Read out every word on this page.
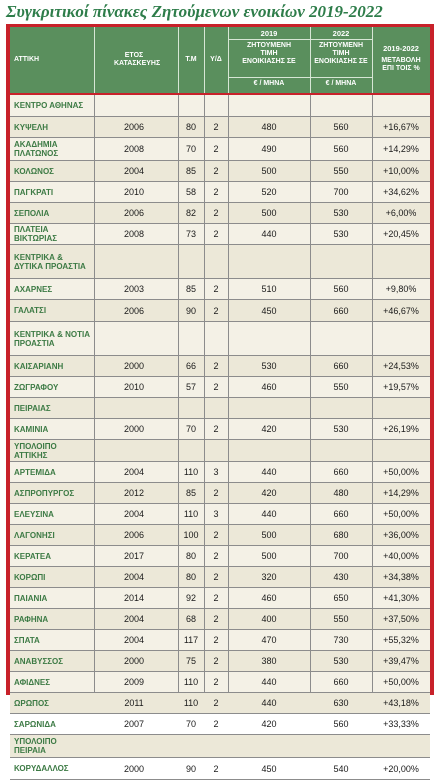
Συγκριτικοί πίνακες Ζητούμενων ενοικίων 2019-2022
ΑΤΤΙΚΗ
ΕΤΟΣ ΚΑΤΑΣΚΕΥΗΣ
Τ.Μ	Υ/Δ
2019
ΖΗΤΟΥΜΕΝΗ ΤΙΜΗ ΕΝΟΙΚΙΑΣΗΣ ΣΕ
€ / ΜΗΝΑ
2022
ΖΗΤΟΥΜΕΝΗ ΤΙΜΗ ΕΝΟΙΚΙΑΣΗΣ ΣΕ
€ / ΜΗΝΑ
2019-2022
ΜΕΤΑΒΟΛΗ ΕΠΙ ΤΟΙΣ %
ΚΕΝΤΡΟ ΑΘΗΝΑΣ
ΚΥΨΕΛΗ	2006	80	2	480	560	+16,67%
ΑΚΑΔΗΜΙΑ ΠΛΑΤΩΝΟΣ	2008	70	2	490	560	+14,29%
ΚΟΛΩΝΟΣ	2004	85	2	500	550	+10,00%
ΠΑΓΚΡΑΤΙ	2010	58	2	520	700	+34,62%
ΣΕΠΟΛΙΑ	2006	82	2	500	530	+6,00%
ΠΛΑΤΕΙΑ ΒΙΚΤΩΡΙΑΣ	2008	73	2	440	530	+20,45%
ΚΕΝΤΡΙΚΑ & ΔΥΤΙΚΑ ΠΡΟΑΣΤΙΑ
ΑΧΑΡΝΕΣ	2003	85	2	510	560	+9,80%
ΓΑΛΑΤΣΙ	2006	90	2	450	660	+46,67%
ΚΕΝΤΡΙΚΑ & ΝΟΤΙΑ ΠΡΟΑΣΤΙΑ
ΚΑΙΣΑΡΙΑΝΗ	2000	66	2	530	660	+24,53%
ΖΩΓΡΑΦΟΥ	2010	57	2	460	550	+19,57%
ΠΕΙΡΑΙΑΣ
ΚΑΜΙΝΙΑ	2000	70	2	420	530	+26,19%
ΥΠΟΛΟΙΠΟ ΑΤΤΙΚΗΣ
ΑΡΤΕΜΙΔΑ	2004	110	3	440	660	+50,00%
ΑΣΠΡΟΠΥΡΓΟΣ	2012	85	2	420	480	+14,29%
ΕΛΕΥΣΙΝΑ	2004	110	3	440	660	+50,00%
ΛΑΓΟΝΗΣΙ	2006	100	2	500	680	+36,00%
ΚΕΡΑΤΕΑ	2017	80	2	500	700	+40,00%
ΚΟΡΩΠΙ	2004	80	2	320	430	+34,38%
ΠΑΙΑΝΙΑ	2014	92	2	460	650	+41,30%
ΡΑΦΗΝΑ	2004	68	2	400	550	+37,50%
ΣΠΑΤΑ	2004	117	2	470	730	+55,32%
ΑΝΑΒΥΣΣΟΣ	2000	75	2	380	530	+39,47%
ΑΦΙΔΝΕΣ	2009	110	2	440	660	+50,00%
ΩΡΩΠΟΣ	2011	110	2	440	630	+43,18%
ΣΑΡΩΝΙΔΑ	2007	70	2	420	560	+33,33%
ΥΠΟΛΟΙΠΟ ΠΕΙΡΑΙΑ
ΚΟΡΥΔΑΛΛΟΣ	2000	90	2	450	540	+20,00%
